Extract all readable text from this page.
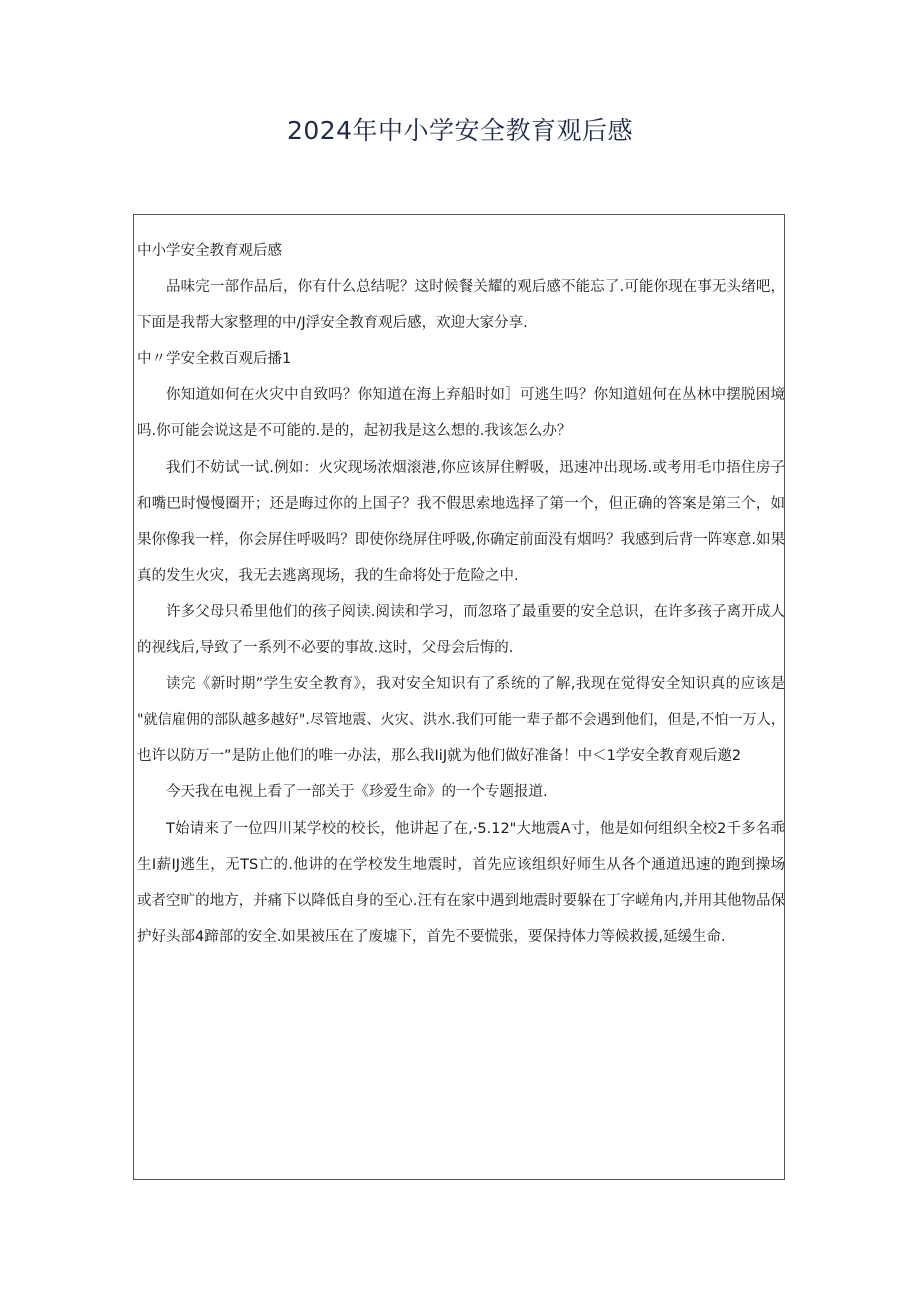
2024年中小学安全教育观后感
中小学安全教育观后感
品味完一部作品后，你有什么总结呢？这时候餐关耀的观后感不能忘了.可能你现在事无头绪吧，
下面是我帮大家整理的中/J浮安全教育观后感，欢迎大家分享.
中〃学安全救百观后播1
你知道如何在火灾中自致吗？你知道在海上弃船时如］可逃生吗？你知道妞何在丛林中摆脱困境
吗.你可能会说这是不可能的.是的，起初我是这么想的.我该怎么办？
我们不妨试一试.例如：火灾现场浓烟滚港,你应该屏住孵吸，迅速冲出现场.或考用毛巾捂住房子
和嘴巴时慢慢圈开；还是晦过你的上国子？我不假思索地选择了第一个，但正确的答案是第三个，如
果你像我一样，你会屏住呼吸吗？即使你绕屏住呼吸,你确定前面没有烟吗？我感到后背一阵寒意.如果
真的发生火灾，我无去逃离现场，我的生命将处于危险之中.
许多父母只希里他们的孩子阅读.阅读和学习，而忽珞了最重要的安全总识，在许多孩子离开成人
的视线后,导致了一系列不必要的事故.这时，父母会后悔的.
读完《新时期”学生安全教育》，我对安全知识有了系统的了解,我现在觉得安全知识真的应该是
"就信雇佣的部队越多越好".尽管地震、火灾、洪水.我们可能一辈子都不会遇到他们，但是,不怕一万人，
也许以防万一”是防止他们的唯一办法，那么我IiJ就为他们做好准备！中＜1学安全教育观后邀2
今天我在电视上看了一部关于《珍爱生命》的一个专题报道.
T始请来了一位四川某学校的校长，他讲起了在,·5.12"大地震A寸，他是如何组织全校2千多名乖
生I薪IJ逃生，无TS亡的.他讲的在学校发生地震时，首先应该组织好师生从各个通道迅速的跑到操场
或者空旷的地方，并痛下以降低自身的至心.汪有在家中遇到地震时要躲在丁字嵯角内,并用其他物品保
护好头部4蹄部的安全.如果被压在了废墟下，首先不要慌张，要保持体力等候救援,延缓生命.
